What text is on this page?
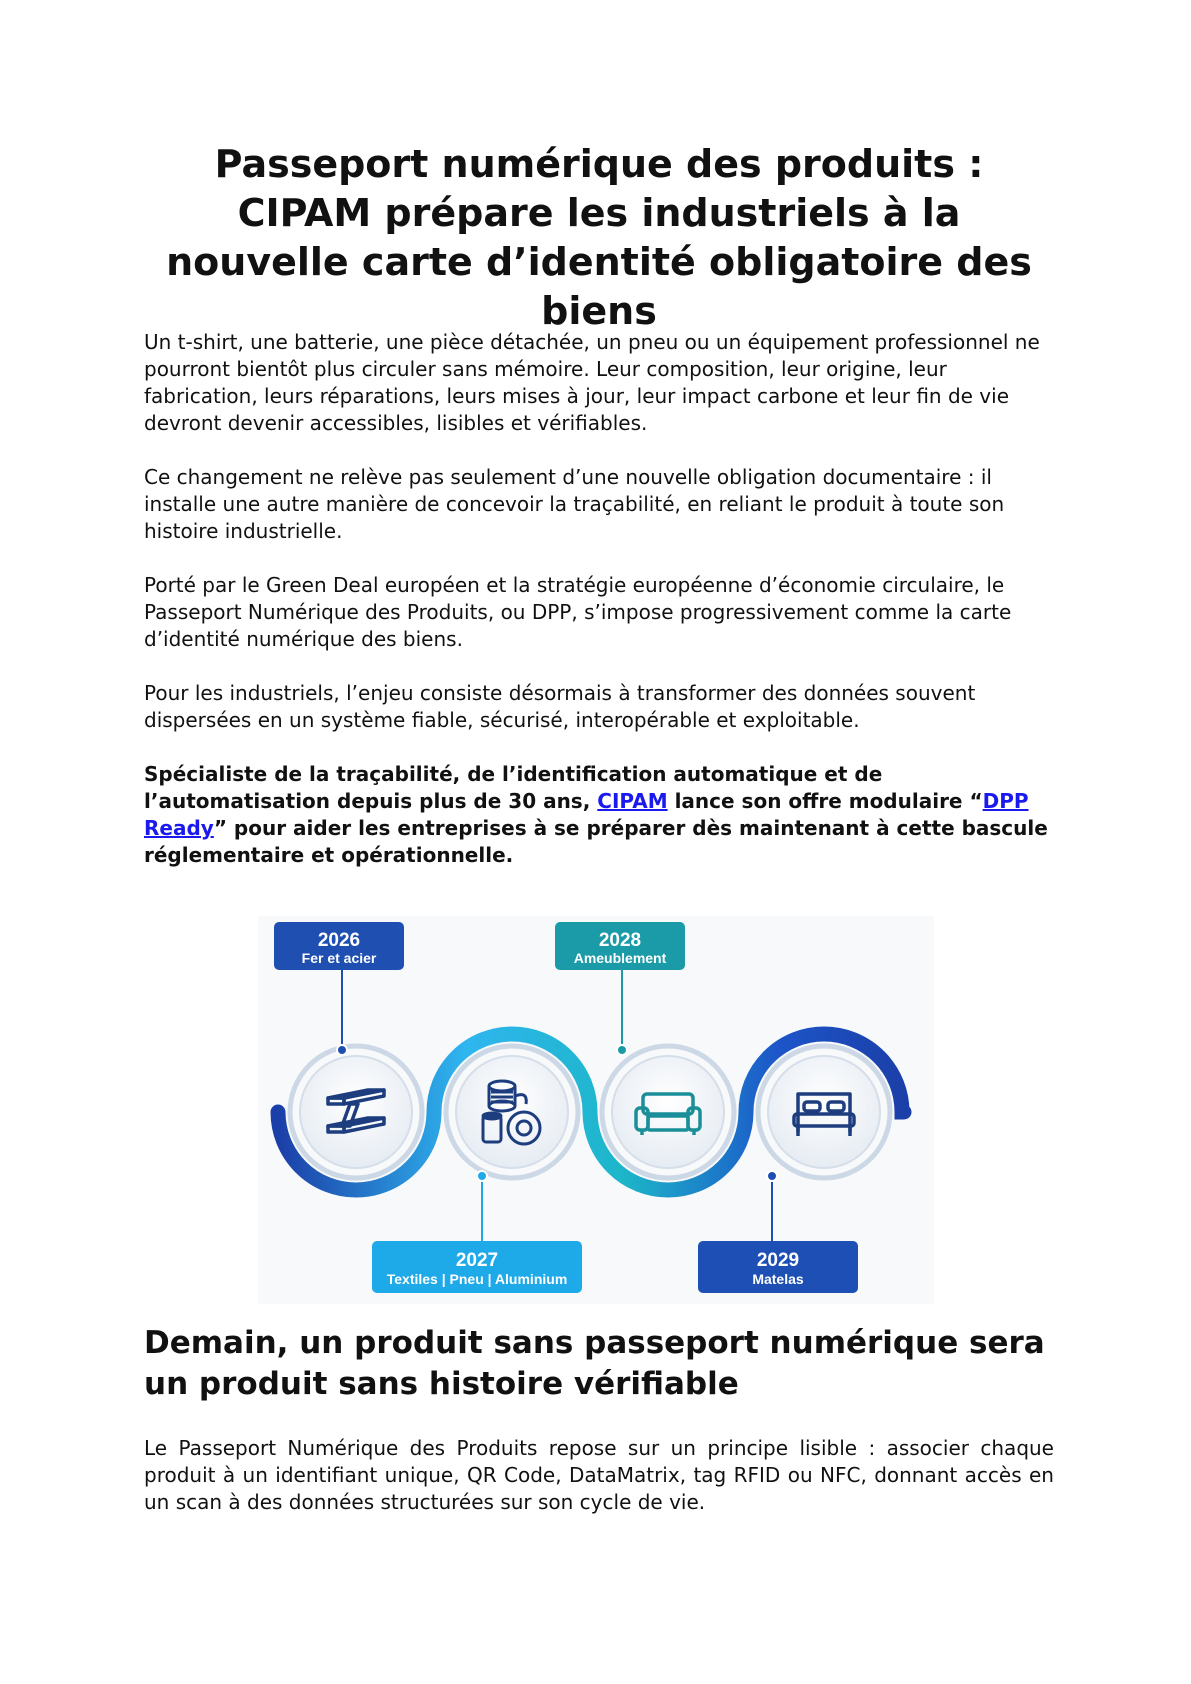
Passeport numérique des produits : CIPAM prépare les industriels à la nouvelle carte d’identité obligatoire des biens

Un t-shirt, une batterie, une pièce détachée, un pneu ou un équipement professionnel ne pourront bientôt plus circuler sans mémoire. Leur composition, leur origine, leur fabrication, leurs réparations, leurs mises à jour, leur impact carbone et leur fin de vie devront devenir accessibles, lisibles et vérifiables.

Ce changement ne relève pas seulement d’une nouvelle obligation documentaire : il installe une autre manière de concevoir la traçabilité, en reliant le produit à toute son histoire industrielle.

Porté par le Green Deal européen et la stratégie européenne d’économie circulaire, le Passeport Numérique des Produits, ou DPP, s’impose progressivement comme la carte d’identité numérique des biens.

Pour les industriels, l’enjeu consiste désormais à transformer des données souvent dispersées en un système fiable, sécurisé, interopérable et exploitable.

Spécialiste de la traçabilité, de l’identification automatique et de l’automatisation depuis plus de 30 ans, CIPAM lance son offre modulaire “DPP Ready” pour aider les entreprises à se préparer dès maintenant à cette bascule réglementaire et opérationnelle.

Demain, un produit sans passeport numérique sera un produit sans histoire vérifiable

Le Passeport Numérique des Produits repose sur un principe lisible : associer chaque produit à un identifiant unique, QR Code, DataMatrix, tag RFID ou NFC, donnant accès en un scan à des données structurées sur son cycle de vie.

2026
Fer et acier
2028
Ameublement
2027
Textiles | Pneu | Aluminium
2029
Matelas
